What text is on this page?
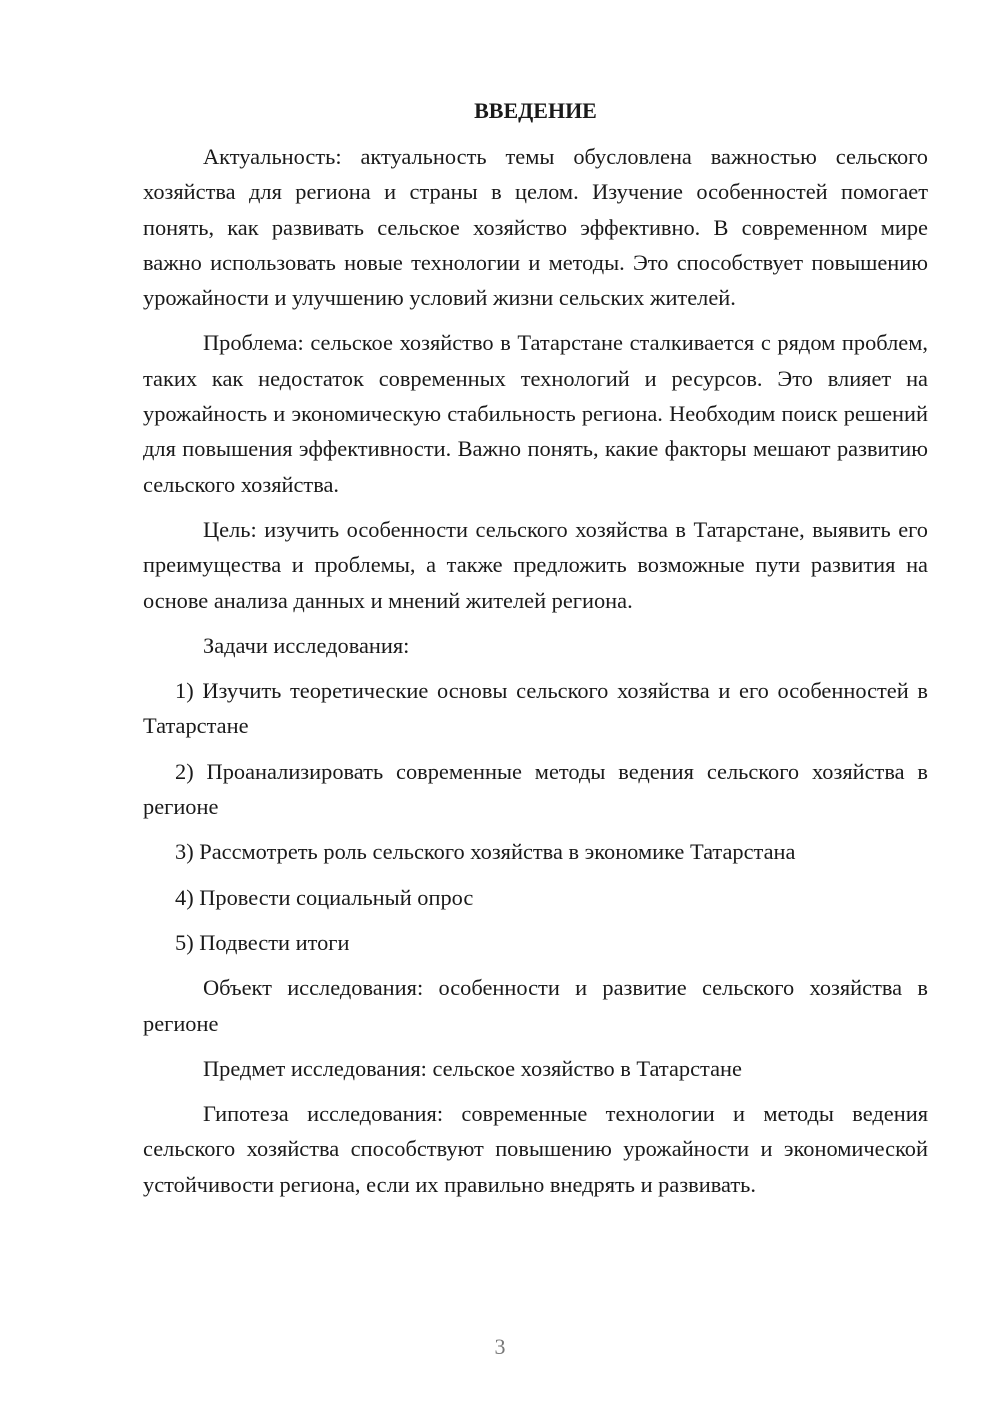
ВВЕДЕНИЕ

Актуальность: актуальность темы обусловлена важностью сельского хозяйства для региона и страны в целом. Изучение особенностей помогает понять, как развивать сельское хозяйство эффективно. В современном мире важно использовать новые технологии и методы. Это способствует повышению урожайности и улучшению условий жизни сельских жителей.

Проблема: сельское хозяйство в Татарстане сталкивается с рядом проблем, таких как недостаток современных технологий и ресурсов. Это влияет на урожайность и экономическую стабильность региона. Необходим поиск решений для повышения эффективности. Важно понять, какие факторы мешают развитию сельского хозяйства.

Цель: изучить особенности сельского хозяйства в Татарстане, выявить его преимущества и проблемы, а также предложить возможные пути развития на основе анализа данных и мнений жителей региона.

Задачи исследования:

1) Изучить теоретические основы сельского хозяйства и его особенностей в Татарстане

2) Проанализировать современные методы ведения сельского хозяйства в регионе

3) Рассмотреть роль сельского хозяйства в экономике Татарстана

4) Провести социальный опрос

5) Подвести итоги

Объект исследования: особенности и развитие сельского хозяйства в регионе

Предмет исследования: сельское хозяйство в Татарстане

Гипотеза исследования: современные технологии и методы ведения сельского хозяйства способствуют повышению урожайности и экономической устойчивости региона, если их правильно внедрять и развивать.

3
